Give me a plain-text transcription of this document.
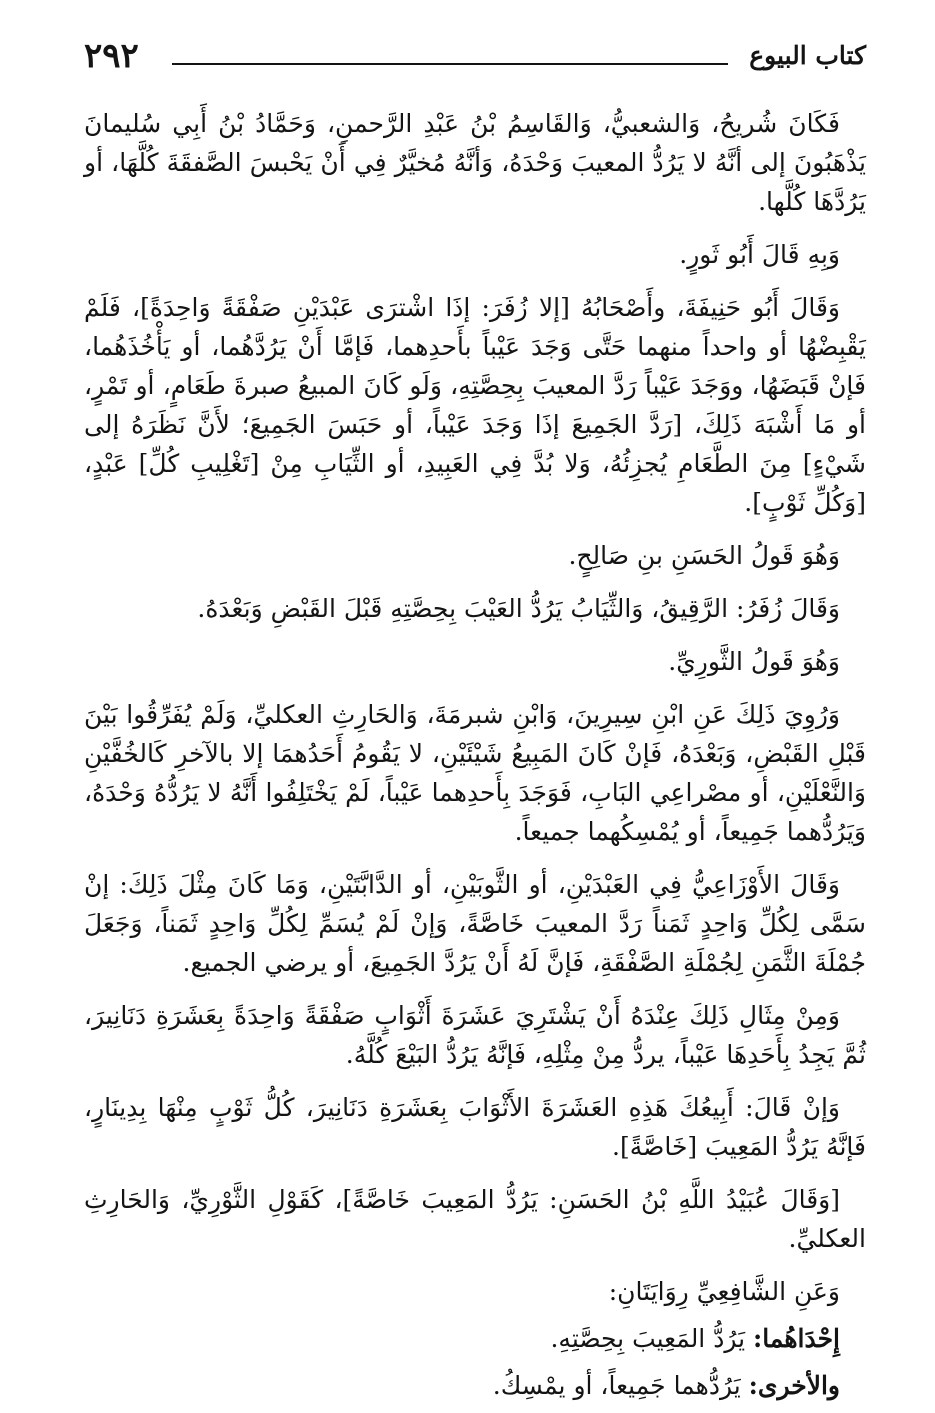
٢٩٢	كتاب البيوع

فَكَانَ شُريحُ، وَالشعبيُّ، وَالقَاسِمُ بْنُ عَبْدِ الرَّحمنِ، وَحَمَّادُ بْنُ أَبِي سُليمانَ يَذْهَبُونَ إلى أنَّهُ لا يَرُدُّ المعيبَ وَحْدَهُ، وَأنَّهُ مُخيَّرٌ فِي أَنْ يَحْبسَ الصَّفقَةَ كُلَّهَا، أو يَرُدَّهَا كُلَّها.

وَبِهِ قَالَ أَبُو ثَورٍ.

وَقَالَ أَبُو حَنِيفَةَ، وأَصْحَابُهُ [إلا زُفَرَ: إذَا اشْترَى عَبْدَيْنِ صَفْقَةً وَاحِدَةً]، فَلَمْ يَقْبِضْهُا أو واحداً منهما حَتَّى وَجَدَ عَيْباً بأَحدِهما، فَإمَّا أَنْ يَرُدَّهُما، أو يَأْخُذَهُما، فَإنْ قَبَضَهُا، ووَجَدَ عَيْباً رَدَّ المعيبَ بِحِصَّتِهِ، وَلَو كَانَ المبيعُ صبرةَ طَعَامٍ، أو تَمْرٍ، أو مَا أَشْبَهَ ذَلِكَ، [رَدَّ الجَمِيعَ إذَا وَجَدَ عَيْباً، أو حَبَسَ الجَمِيعَ؛ لأَنَّ نَظَرَهُ إلى شَيْءٍ] مِنَ الطَّعَامِ يُجزِئُهُ، وَلا بُدَّ فِي العَبِيدِ، أو الثِّيَابِ مِنْ [تَغْلِيبِ كُلِّ] عَبْدٍ، [وَكُلِّ ثَوْبٍ].

وَهُوَ قَولُ الحَسَنِ بنِ صَالِحٍ.

وَقَالَ زُفَرُ: الرَّقِيقُ، وَالثِّيَابُ يَرُدُّ العَيْبَ بِحِصَّتِهِ قَبْلَ القَبْضِ وَبَعْدَهُ.

وَهُوَ قَولُ الثَّورِيِّ.

وَرُوِيَ ذَلِكَ عَنِ ابْنِ سِيرِينَ، وَابْنِ شبرمَةَ، وَالحَارِثِ العكليِّ، وَلَمْ يُفَرِّقُوا بَيْنَ قَبْلِ القَبْضِ، وَبَعْدَهُ، فَإنْ كَانَ المَبِيعُ شَيْئَيْنِ، لا يَقُومُ أَحَدُهمَا إلا بالآخرِ كَالخُفَّيْنِ وَالنَّعْلَيْنِ، أو مصْراعِي البَابِ، فَوَجَدَ بِأَحدِهما عَيْباً، لَمْ يَخْتَلِفُوا أَنَّهُ لا يَرُدُّهُ وَحْدَهُ، وَيَرُدُّهما جَمِيعاً، أو يُمْسِكُهما جميعاً.

وَقَالَ الأَوْزَاعِيُّ فِي العَبْدَيْنِ، أو الثَّوبَيْنِ، أو الدَّابَّتَيْنِ، وَمَا كَانَ مِثْلَ ذَلِكَ: إنْ سَمَّى لِكُلِّ وَاحِدٍ ثَمَناً رَدَّ المعيبَ خَاصَّةً، وَإنْ لَمْ يُسَمِّ لِكُلِّ وَاحِدٍ ثَمَناً، وَجَعَلَ جُمْلَةَ الثَّمَنِ لِجُمْلَةِ الصَّفْقَةِ، فَإنَّ لَهُ أَنْ يَرُدَّ الجَمِيعَ، أو يرضي الجميع.

وَمِنْ مِثَالِ ذَلِكَ عِنْدَهُ أَنْ يَشْتَرِيَ عَشَرَةَ أَثْوَابٍ صَفْقَةً وَاحِدَةً بِعَشَرَةِ دَنَانِيرَ، ثُمَّ يَجِدُ بِأَحَدِهَا عَيْباً، يردُّ مِنْ مِثْلِهِ، فَإنَّهُ يَرُدُّ البَيْعَ كُلَّهُ.

وَإنْ قَالَ: أَبِيعُكَ هَذِهِ العَشَرَةَ الأَثْوَابَ بِعَشَرَةِ دَنَانِيرَ، كُلُّ ثَوْبٍ مِنْهَا بِدِينَارٍ، فَإنَّهُ يَرُدُّ المَعِيبَ [خَاصَّةً].

[وَقَالَ عُبَيْدُ اللَّهِ بْنُ الحَسَنِ: يَرُدُّ المَعِيبَ خَاصَّةً]، كَقَوْلِ الثَّوْرِيِّ، وَالحَارِثِ العكليِّ.

وَعَنِ الشَّافِعِيِّ رِوَايَتَانِ:

إِحْدَاهُما: يَرُدُّ المَعِيبَ بِحِصَّتِهِ.

والأخرى: يَرُدُّهما جَمِيعاً، أو يمْسِكُ.
